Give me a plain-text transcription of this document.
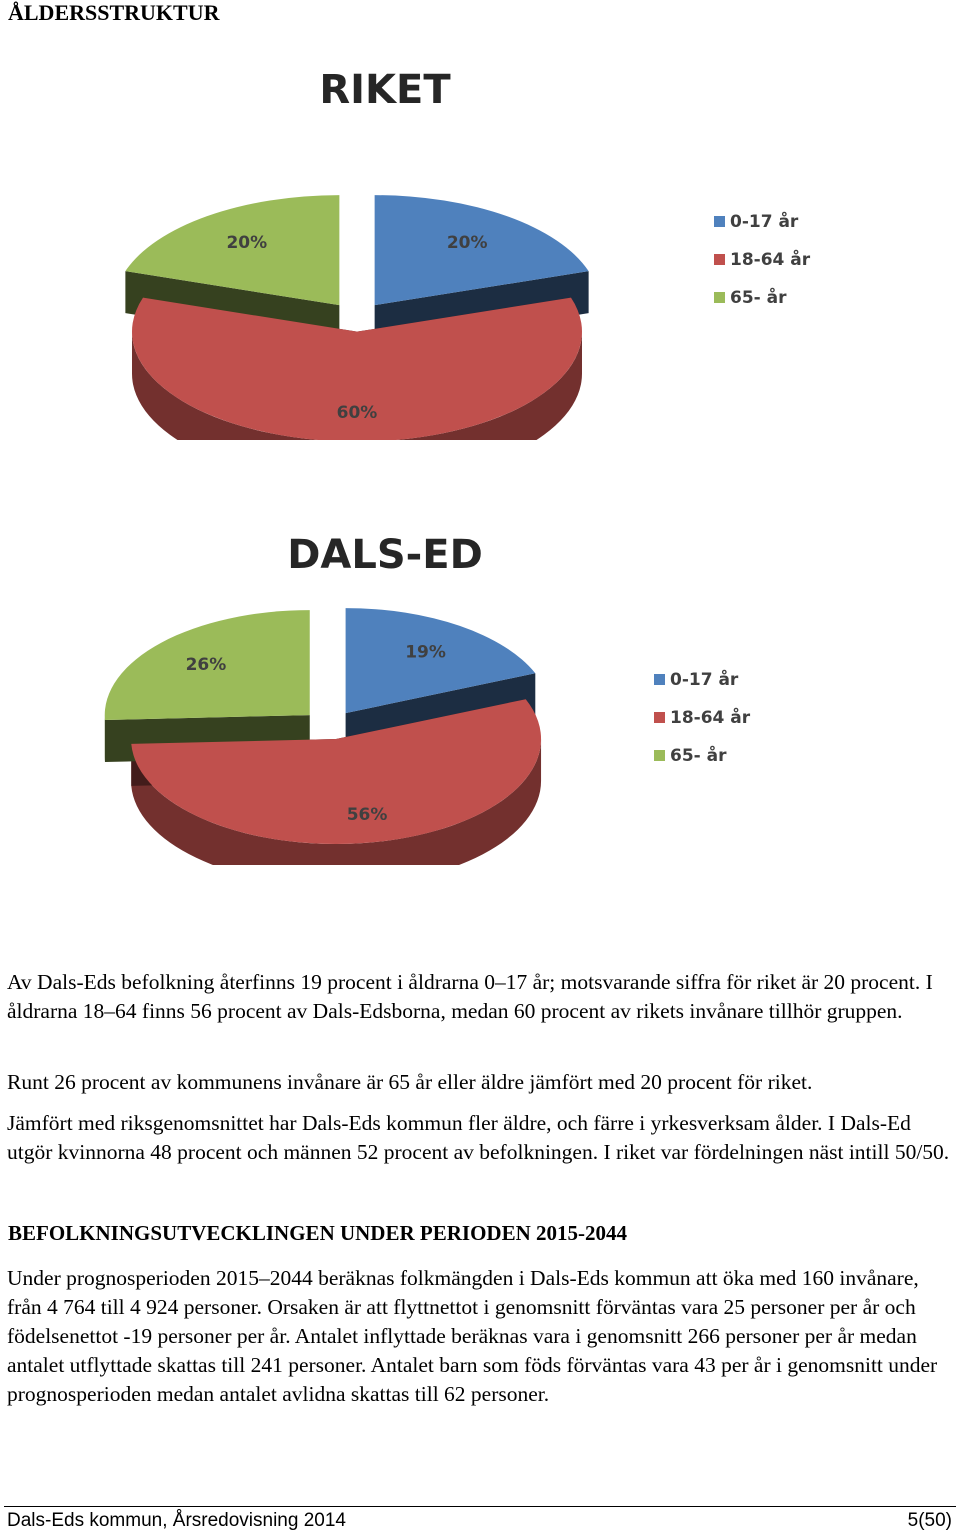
ÅLDERSSTRUKTUR
RIKET
20%
60%
20%
0-17 år
18-64 år
65- år
DALS-ED
19%
56%
26%
0-17 år
18-64 år
65- år

Av Dals-Eds befolkning återfinns 19 procent i åldrarna 0–17 år; motsvarande siffra för riket är 20 procent. I åldrarna 18–64 finns 56 procent av Dals-Edsborna, medan 60 procent av rikets invånare tillhör gruppen.

Runt 26 procent av kommunens invånare är 65 år eller äldre jämfört med 20 procent för riket.

Jämfört med riksgenomsnittet har Dals-Eds kommun fler äldre, och färre i yrkesverksam ålder. I Dals-Ed utgör kvinnorna 48 procent och männen 52 procent av befolkningen. I riket var fördelningen näst intill 50/50.

BEFOLKNINGSUTVECKLINGEN UNDER PERIODEN 2015-2044

Under prognosperioden 2015–2044 beräknas folkmängden i Dals-Eds kommun att öka med 160 invånare, från 4 764 till 4 924 personer. Orsaken är att flyttnettot i genomsnitt förväntas vara 25 personer per år och födelsenettot -19 personer per år. Antalet inflyttade beräknas vara i genomsnitt 266 personer per år medan antalet utflyttade skattas till 241 personer. Antalet barn som föds förväntas vara 43 per år i genomsnitt under prognosperioden medan antalet avlidna skattas till 62 personer.

Dals-Eds kommun, Årsredovisning 2014	5(50)
